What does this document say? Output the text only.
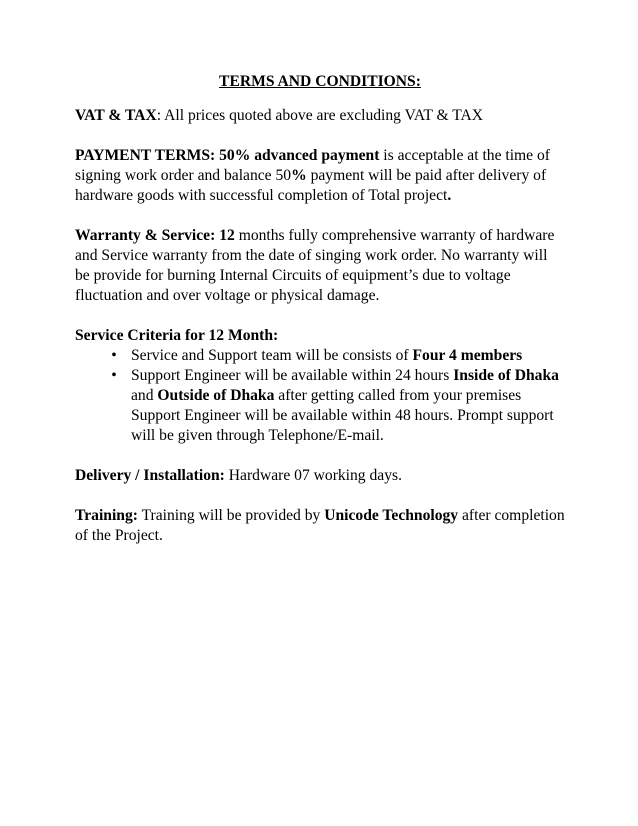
TERMS AND CONDITIONS:

VAT & TAX: All prices quoted above are excluding VAT & TAX

PAYMENT TERMS: 50% advanced payment is acceptable at the time of signing work order and balance 50% payment will be paid after delivery of hardware goods with successful completion of Total project.

Warranty & Service: 12 months fully comprehensive warranty of hardware and Service warranty from the date of singing work order. No warranty will be provide for burning Internal Circuits of equipment’s due to voltage fluctuation and over voltage or physical damage.

Service Criteria for 12 Month:

• Service and Support team will be consists of Four 4 members
• Support Engineer will be available within 24 hours Inside of Dhaka and Outside of Dhaka after getting called from your premises Support Engineer will be available within 48 hours. Prompt support will be given through Telephone/E-mail.

Delivery / Installation: Hardware 07 working days.

Training: Training will be provided by Unicode Technology after completion of the Project.
